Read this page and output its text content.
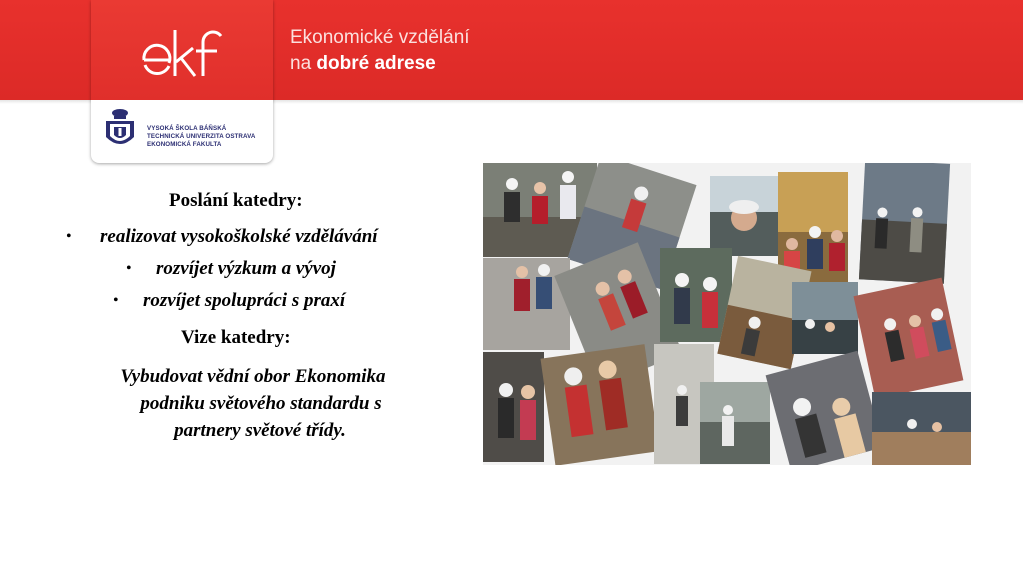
VYSOKÁ ŠKOLA BÁŇSKÁ
TECHNICKÁ UNIVERZITA OSTRAVA
EKONOMICKÁ FAKULTA
Ekonomické vzdělání
na dobré adrese
Poslání katedry:
• realizovat vysokoškolské vzdělávání
• rozvíjet výzkum a vývoj
• rozvíjet spolupráci s praxí
Vize katedry:
Vybudovat vědní obor Ekonomika
podniku světového standardu s
partnery světové třídy.
